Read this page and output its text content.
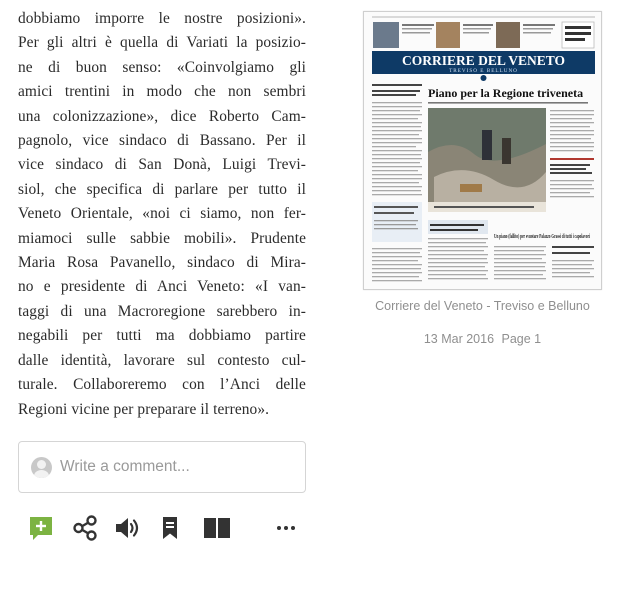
dobbiamo imporre le nostre posizioni».
Per gli altri è quella di Variati la posizio-
ne di buon senso: «Coinvolgiamo gli
amici trentini in modo che non sembri
una colonizzazione», dice Roberto Cam-
pagnolo, vice sindaco di Bassano. Per il
vice sindaco di San Donà, Luigi Trevi-
siol, che specifica di parlare per tutto il
Veneto Orientale, «noi ci siamo, non fer-
miamoci sulle sabbie mobili». Prudente
Maria Rosa Pavanello, sindaco di Mira-
no e presidente di Anci Veneto: «I van-
taggi di una Macroregione sarebbero in-
negabili per tutti ma dobbiamo partire
dalle identità, lavorare sul contesto cul-
turale. Collaboreremo con l’Anci delle
Regioni vicine per preparare il terreno».
Write a comment...
CORRIERE DEL VENETO
TREVISO E BELLUNO
Piano per la Regione triveneta
Un piano (fallito) per svuotare Palazzo Grassi di tutti i capolavori
Corriere del Veneto - Treviso e Belluno
13 Mar 2016 Page 1
